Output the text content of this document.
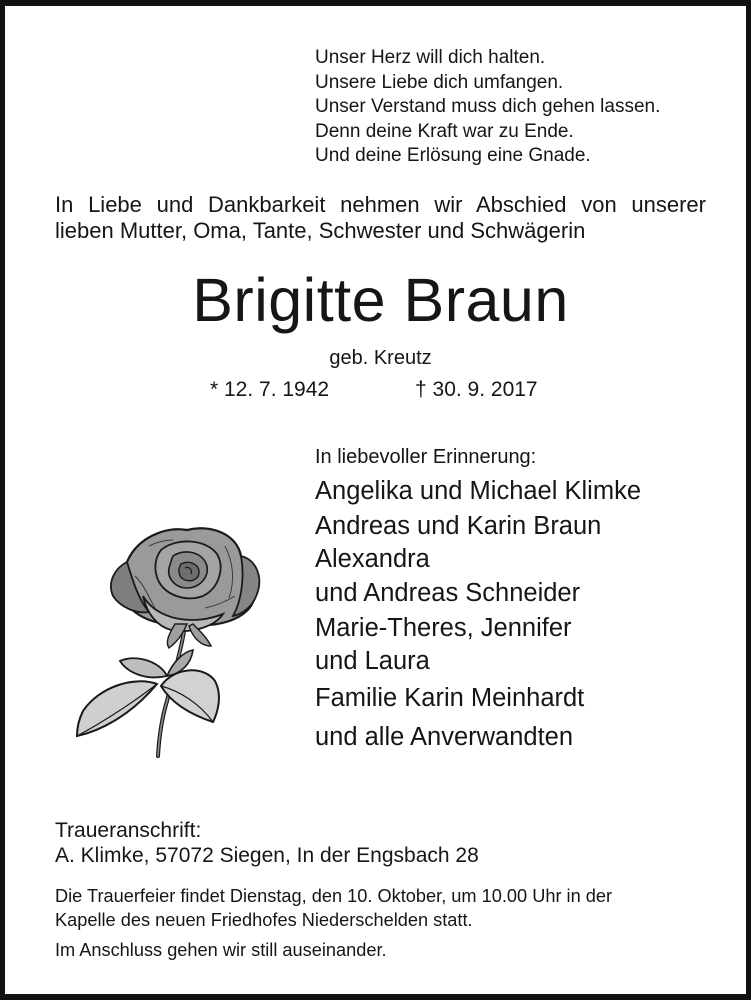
Unser Herz will dich halten.
Unsere Liebe dich umfangen.
Unser Verstand muss dich gehen lassen.
Denn deine Kraft war zu Ende.
Und deine Erlösung eine Gnade.
In Liebe und Dankbarkeit nehmen wir Abschied von unserer
lieben Mutter, Oma, Tante, Schwester und Schwägerin
Brigitte Braun
geb. Kreutz
* 12. 7. 1942	† 30. 9. 2017
In liebevoller Erinnerung:
Angelika und Michael Klimke
Andreas und Karin Braun
Alexandra
und Andreas Schneider
Marie-Theres, Jennifer
und Laura
Familie Karin Meinhardt
und alle Anverwandten
Traueranschrift:
A. Klimke, 57072 Siegen, In der Engsbach 28
Die Trauerfeier findet Dienstag, den 10. Oktober, um 10.00 Uhr in der
Kapelle des neuen Friedhofes Niederschelden statt.
Im Anschluss gehen wir still auseinander.
